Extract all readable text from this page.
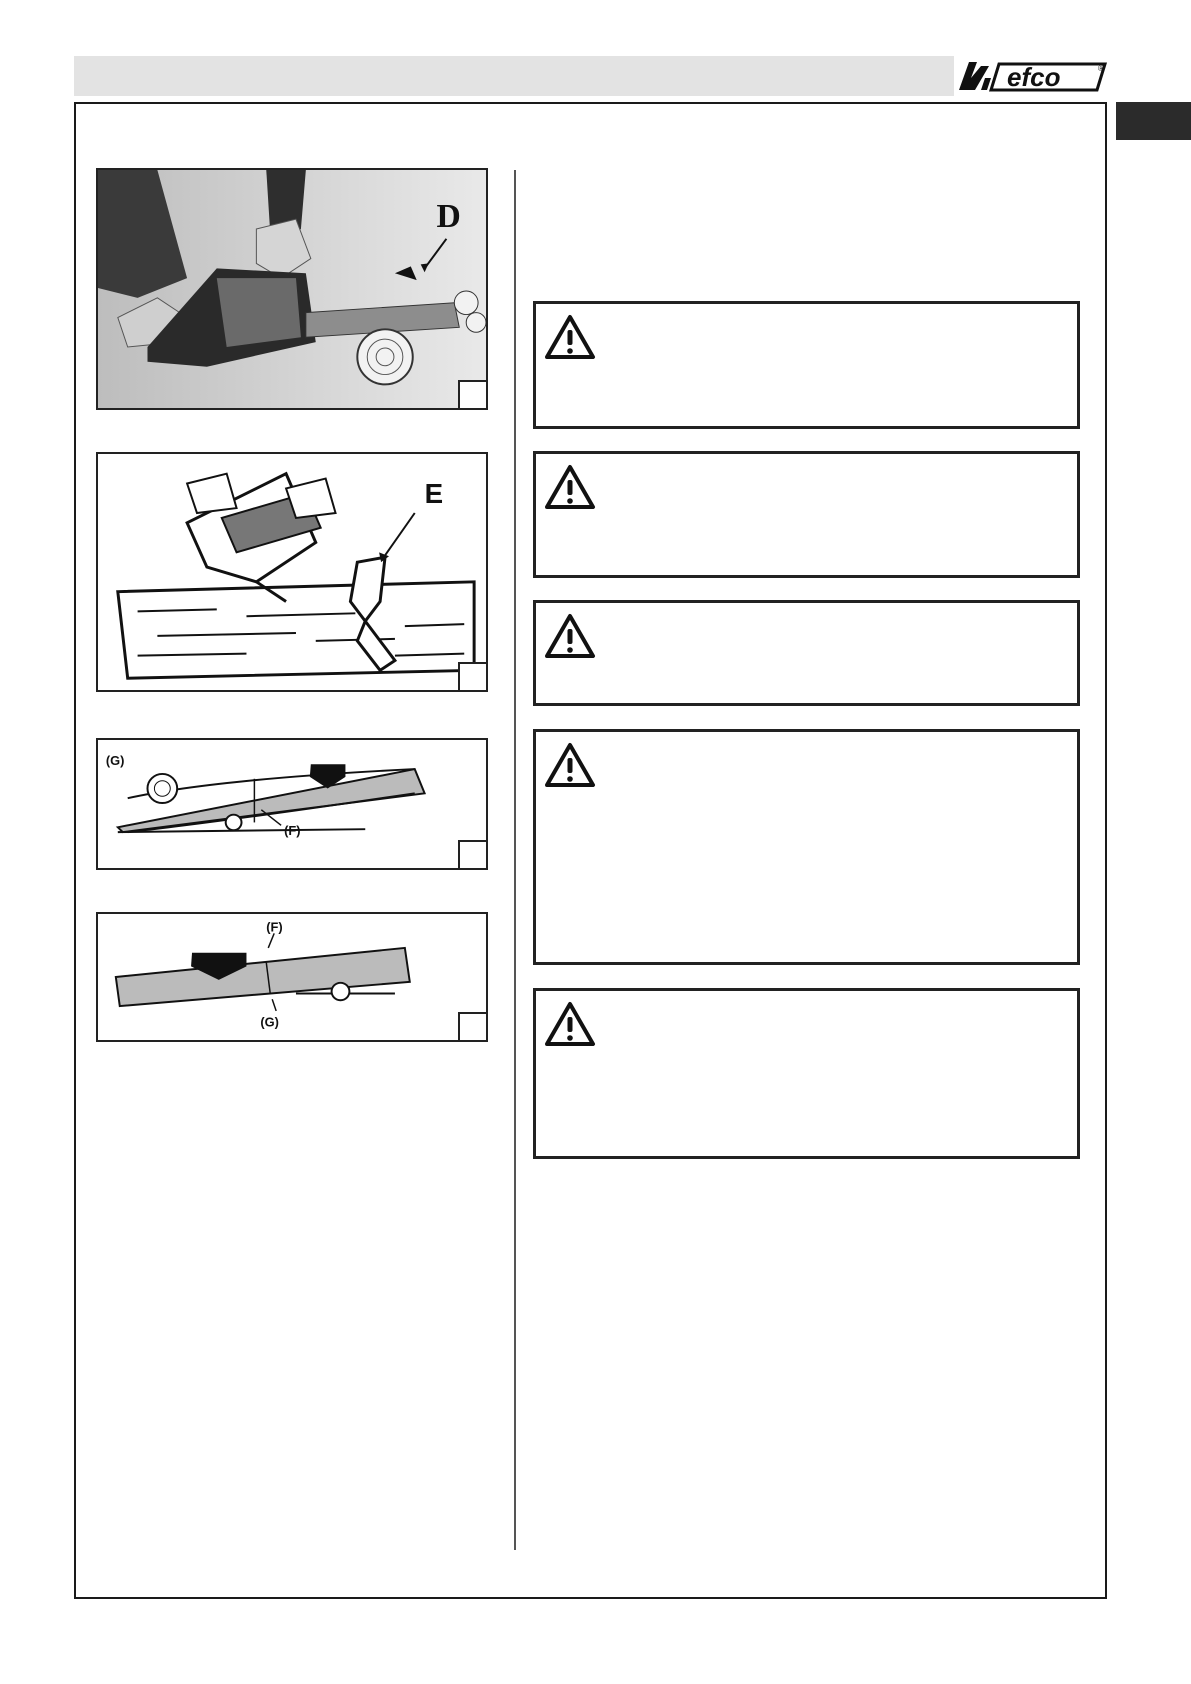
efco	®
D
E
(G)
(F)
(F)
(G)
